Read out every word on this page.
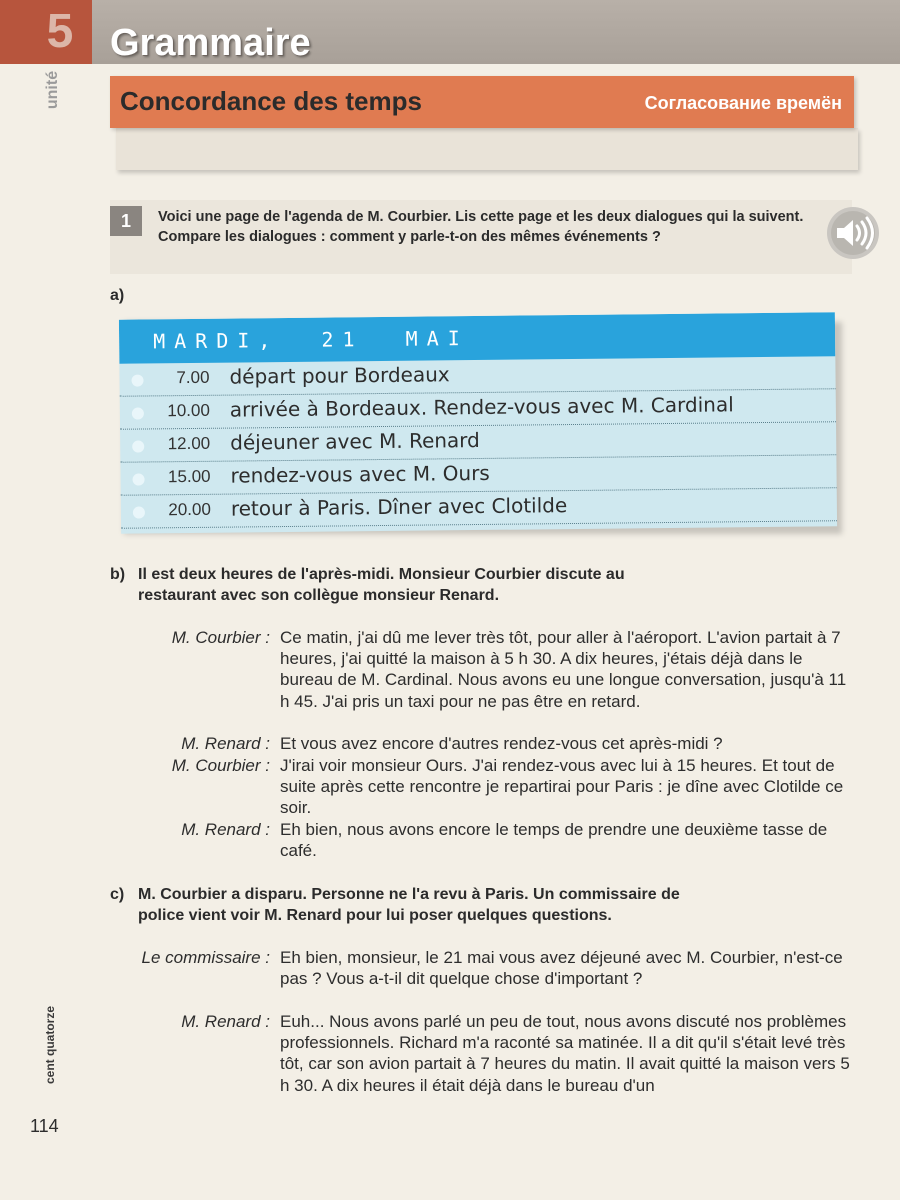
5
unité
Grammaire
Concordance des temps	Согласование времён
1	Voici une page de l'agenda de M. Courbier. Lis cette page et les deux dialogues qui la suivent. Compare les dialogues : comment y parle-t-on des mêmes événements ?

a)
MARDI,  21  MAI
7.00 départ pour Bordeaux
10.00 arrivée à Bordeaux. Rendez-vous avec M. Cardinal
12.00 déjeuner avec M. Renard
15.00 rendez-vous avec M. Ours
20.00 retour à Paris. Dîner avec Clotilde

b) Il est deux heures de l'après-midi. Monsieur Courbier discute au
restaurant avec son collègue monsieur Renard.

M. Courbier : Ce matin, j'ai dû me lever très tôt, pour aller à l'aéroport. L'avion partait à 7 heures, j'ai quitté la maison à 5 h 30. A dix heures, j'étais déjà dans le bureau de M. Cardinal. Nous avons eu une longue conversation, jusqu'à 11 h 45. J'ai pris un taxi pour ne pas être en retard.

M. Renard : Et vous avez encore d'autres rendez-vous cet après-midi ?

M. Courbier : J'irai voir monsieur Ours. J'ai rendez-vous avec lui à 15 heures. Et tout de suite après cette rencontre je repartirai pour Paris : je dîne avec Clotilde ce soir.

M. Renard : Eh bien, nous avons encore le temps de prendre une deuxième tasse de café.

c) M. Courbier a disparu. Personne ne l'a revu à Paris. Un commissaire de
police vient voir M. Renard pour lui poser quelques questions.

Le commissaire : Eh bien, monsieur, le 21 mai vous avez déjeuné avec M. Courbier, n'est-ce pas ? Vous a-t-il dit quelque chose d'important ?

M. Renard : Euh... Nous avons parlé un peu de tout, nous avons discuté nos problèmes professionnels. Richard m'a raconté sa matinée. Il a dit qu'il s'était levé très tôt, car son avion partait à 7 heures du matin. Il avait quitté la maison vers 5 h 30. A dix heures il était déjà dans le bureau d'un

cent quatorze
114
